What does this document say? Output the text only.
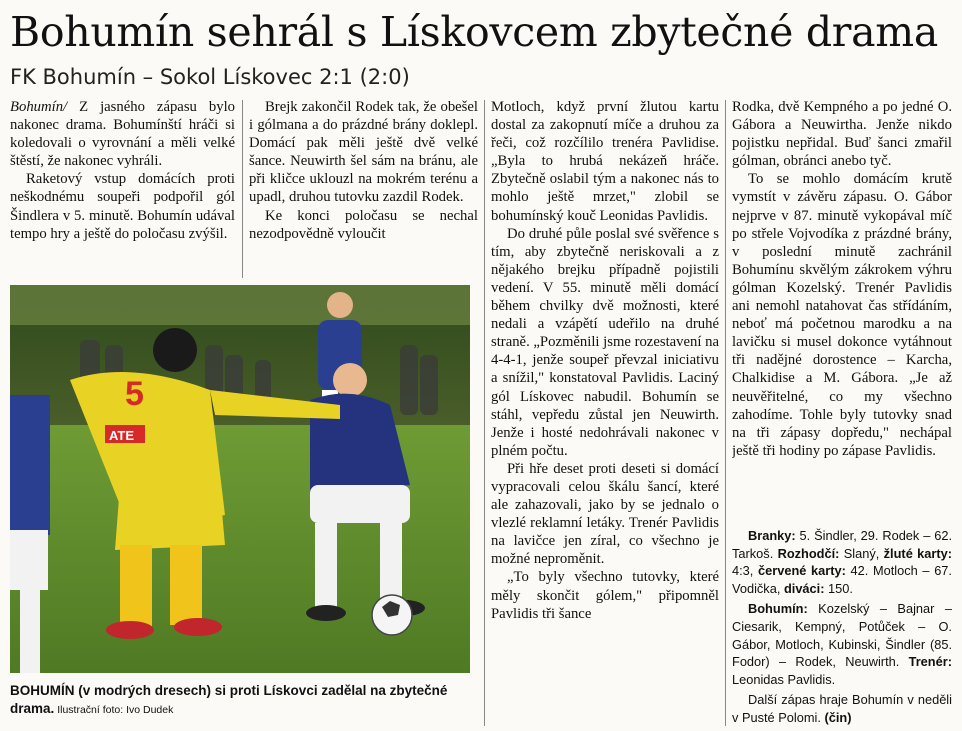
Bohumín sehrál s Lískovcem zbytečné drama
FK Bohumín – Sokol Lískovec 2:1 (2:0)

Bohumín/ Z jasného zápasu bylo nakonec drama. Bohumínští hráči si koledovali o vyrovnání a měli velké štěstí, že nakonec vyhráli.

Raketový vstup domácích proti neškodnému soupeři podpořil gól Šindlera v 5. minutě. Bohumín udával tempo hry a ještě do poločasu zvýšil.

Brejk zakončil Rodek tak, že obešel i gólmana a do prázdné brány doklepl. Domácí pak měli ještě dvě velké šance. Neuwirth šel sám na bránu, ale při kličce uklouzl na mokrém terénu a upadl, druhou tutovku zazdil Rodek.

Ke konci poločasu se nechal nezodpovědně vyloučit

Motloch, když první žlutou kartu dostal za zakopnutí míče a druhou za řeči, což rozčílilo trenéra Pavlidise. „Byla to hrubá nekázeň hráče. Zbytečně oslabil tým a nakonec nás to mohlo ještě mrzet," zlobil se bohumínský kouč Leonidas Pavlidis.

Do druhé půle poslal své svěřence s tím, aby zbytečně neriskovali a z nějakého brejku případně pojistili vedení. V 55. minutě měli domácí během chvilky dvě možnosti, které nedali a vzápětí udeřilo na druhé straně. „Pozměnili jsme rozestavení na 4-4-1, jenže soupeř převzal iniciativu a snížil," konstatoval Pavlidis. Laciný gól Lískovec nabudil. Bohumín se stáhl, vepředu zůstal jen Neuwirth. Jenže i hosté nedohrávali nakonec v plném počtu.

Při hře deset proti deseti si domácí vypracovali celou škálu šancí, které ale zahazovali, jako by se jednalo o vlezlé reklamní letáky. Trenér Pavlidis na lavičce jen zíral, co všechno je možné neproměnit.

„To byly všechno tutovky, které měly skončit gólem," připomněl Pavlidis tři šance

Rodka, dvě Kempného a po jedné O. Gábora a Neuwirtha. Jenže nikdo pojistku nepřidal. Buď šanci zmařil gólman, obránci anebo tyč.

To se mohlo domácím krutě vymstít v závěru zápasu. O. Gábor nejprve v 87. minutě vykopával míč po střele Vojvodíka z prázdné brány, v poslední minutě zachránil Bohumínu skvělým zákrokem výhru gólman Kozelský. Trenér Pavlidis ani nemohl natahovat čas střídáním, neboť má početnou marodku a na lavičku si musel dokonce vytáhnout tři nadějné dorostence – Karcha, Chalkidise a M. Gábora. „Je až neuvěřitelné, co my všechno zahodíme. Tohle byly tutovky snad na tři zápasy dopředu," nechápal ještě tři hodiny po zápase Pavlidis.

Branky: 5. Šindler, 29. Rodek – 62. Tarkoš. Rozhodčí: Slaný, žluté karty: 4:3, červené karty: 42. Motloch – 67. Vodička, diváci: 150.

Bohumín: Kozelský – Bajnar – Ciesarik, Kempný, Potůček – O. Gábor, Motloch, Kubinski, Šindler (85. Fodor) – Rodek, Neuwirth. Trenér: Leonidas Pavlidis.

Další zápas hraje Bohumín v neděli v Pusté Polomi. (čin)

5
ATE
BOHUMÍN (v modrých dresech) si proti Lískovci zadělal na zbytečné drama. Ilustrační foto: Ivo Dudek
